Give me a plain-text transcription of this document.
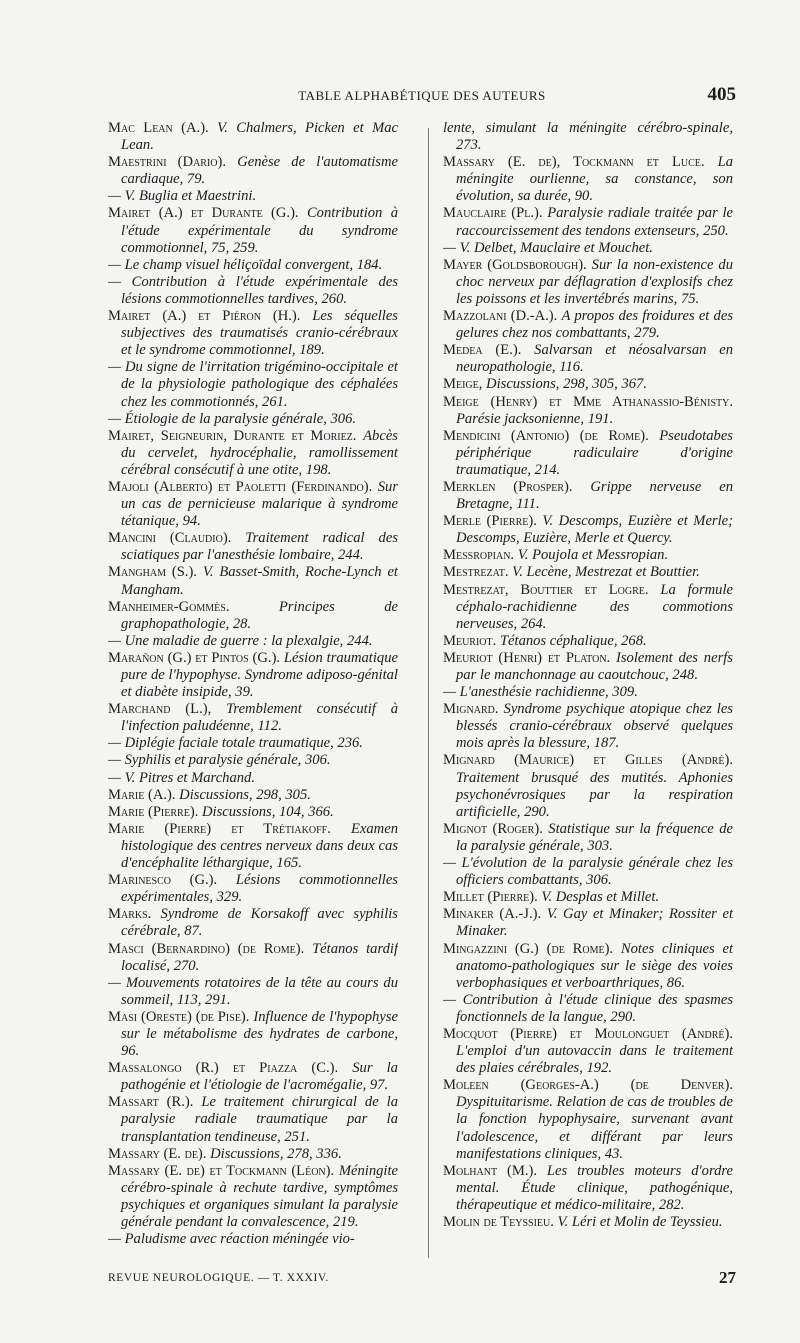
TABLE ALPHABÉTIQUE DES AUTEURS	405

Mac Lean (A.). V. Chalmers, Picken et Mac Lean.

Maestrini (Dario). Genèse de l'automatisme cardiaque, 79.

— V. Buglia et Maestrini.

Mairet (A.) et Durante (G.). Contribution à l'étude expérimentale du syndrome commotionnel, 75, 259.

— Le champ visuel héliçoïdal convergent, 184.

— Contribution à l'étude expérimentale des lésions commotionnelles tardives, 260.

Mairet (A.) et Piéron (H.). Les séquelles subjectives des traumatisés cranio-cérébraux et le syndrome commotionnel, 189.

— Du signe de l'irritation trigémino-occipitale et de la physiologie pathologique des céphalées chez les commotionnés, 261.

— Étiologie de la paralysie générale, 306.

Mairet, Seigneurin, Durante et Moriez. Abcès du cervelet, hydrocéphalie, ramollissement cérébral consécutif à une otite, 198.

Majoli (Alberto) et Paoletti (Ferdinando). Sur un cas de pernicieuse malarique à syndrome tétanique, 94.

Mancini (Claudio). Traitement radical des sciatiques par l'anesthésie lombaire, 244.

Mangham (S.). V. Basset-Smith, Roche-Lynch et Mangham.

Manheimer-Gommès. Principes de graphopathologie, 28.

— Une maladie de guerre : la plexalgie, 244.

Marañon (G.) et Pintos (G.). Lésion traumatique pure de l'hypophyse. Syndrome adiposo-génital et diabète insipide, 39.

Marchand (L.), Tremblement consécutif à l'infection paludéenne, 112.

— Diplégie faciale totale traumatique, 236.

— Syphilis et paralysie générale, 306.

— V. Pitres et Marchand.

Marie (A.). Discussions, 298, 305.

Marie (Pierre). Discussions, 104, 366.

Marie (Pierre) et Trétiakoff. Examen histologique des centres nerveux dans deux cas d'encéphalite léthargique, 165.

Marinesco (G.). Lésions commotionnelles expérimentales, 329.

Marks. Syndrome de Korsakoff avec syphilis cérébrale, 87.

Masci (Bernardino) (de Rome). Tétanos tardif localisé, 270.

— Mouvements rotatoires de la tête au cours du sommeil, 113, 291.

Masi (Oreste) (de Pise). Influence de l'hypophyse sur le métabolisme des hydrates de carbone, 96.

Massalongo (R.) et Piazza (C.). Sur la pathogénie et l'étiologie de l'acromégalie, 97.

Massart (R.). Le traitement chirurgical de la paralysie radiale traumatique par la transplantation tendineuse, 251.

Massary (E. de). Discussions, 278, 336.

Massary (E. de) et Tockmann (Léon). Méningite cérébro-spinale à rechute tardive, symptômes psychiques et organiques simulant la paralysie générale pendant la convalescence, 219.

— Paludisme avec réaction méningée vio-

lente, simulant la méningite cérébro-spinale, 273.

Massary (E. de), Tockmann et Luce. La méningite ourlienne, sa constance, son évolution, sa durée, 90.

Mauclaire (Pl.). Paralysie radiale traitée par le raccourcissement des tendons extenseurs, 250.

— V. Delbet, Mauclaire et Mouchet.

Mayer (Goldsborough). Sur la non-existence du choc nerveux par déflagration d'explosifs chez les poissons et les invertébrés marins, 75.

Mazzolani (D.-A.). A propos des froidures et des gelures chez nos combattants, 279.

Medea (E.). Salvarsan et néosalvarsan en neuropathologie, 116.

Meige, Discussions, 298, 305, 367.

Meige (Henry) et Mme Athanassio-Bénisty. Parésie jacksonienne, 191.

Mendicini (Antonio) (de Rome). Pseudotabes périphérique radiculaire d'origine traumatique, 214.

Merklen (Prosper). Grippe nerveuse en Bretagne, 111.

Merle (Pierre). V. Descomps, Euzière et Merle; Descomps, Euzière, Merle et Quercy.

Messropian. V. Poujola et Messropian.

Mestrezat. V. Lecène, Mestrezat et Bouttier.

Mestrezat, Bouttier et Logre. La formule céphalo-rachidienne des commotions nerveuses, 264.

Meuriot. Tétanos céphalique, 268.

Meuriot (Henri) et Platon. Isolement des nerfs par le manchonnage au caoutchouc, 248.

— L'anesthésie rachidienne, 309.

Mignard. Syndrome psychique atopique chez les blessés cranio-cérébraux observé quelques mois après la blessure, 187.

Mignard (Maurice) et Gilles (André). Traitement brusqué des mutités. Aphonies psychonévrosiques par la respiration artificielle, 290.

Mignot (Roger). Statistique sur la fréquence de la paralysie générale, 303.

— L'évolution de la paralysie générale chez les officiers combattants, 306.

Millet (Pierre). V. Desplas et Millet.

Minaker (A.-J.). V. Gay et Minaker; Rossiter et Minaker.

Mingazzini (G.) (de Rome). Notes cliniques et anatomo-pathologiques sur le siège des voies verbophasiques et verboarthriques, 86.

— Contribution à l'étude clinique des spasmes fonctionnels de la langue, 290.

Mocquot (Pierre) et Moulonguet (André). L'emploi d'un autovaccin dans le traitement des plaies cérébrales, 192.

Moleen (Georges-A.) (de Denver). Dyspituitarisme. Relation de cas de troubles de la fonction hypophysaire, survenant avant l'adolescence, et différant par leurs manifestations cliniques, 43.

Molhant (M.). Les troubles moteurs d'ordre mental. Étude clinique, pathogénique, thérapeutique et médico-militaire, 282.

Molin de Teyssieu. V. Léri et Molin de Teyssieu.

REVUE NEUROLOGIQUE. — T. XXXIV.	27
